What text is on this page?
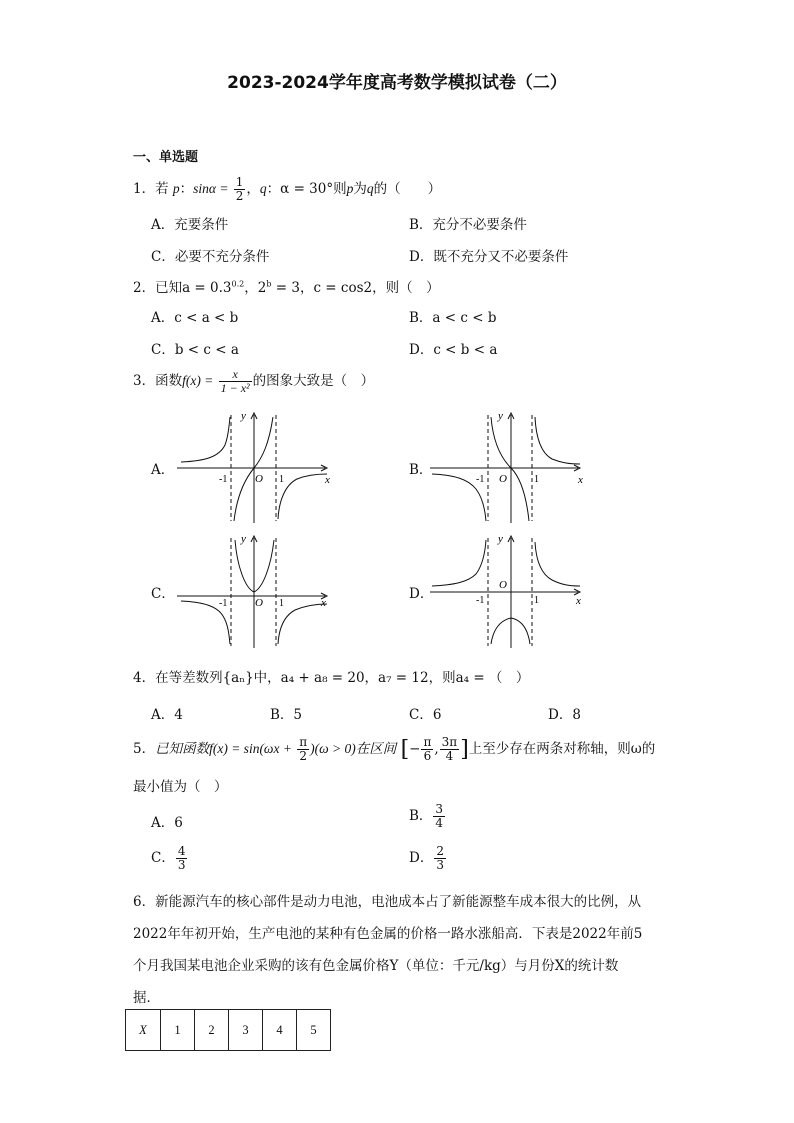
2023-2024学年度高考数学模拟试卷（二）
一、单选题
1．若 p：$\sin\alpha = \frac{1}{2}$ ，q：α = 30°则p为q的（　　）
A．充要条件	B．充分不必要条件
C．必要不充分条件	D．既不充分又不必要条件
2．已知$a = 0.3^{0.2}$，$2^b = 3$，c = cos2，则（　）
A．c < a < b	B．a < c < b
C．b < c < a	D．c < b < a
3．函数$f(x) = \frac{x}{\text{1 − x²}}$ 的图象大致是（　）
A．	B．
C．	D．
y
x
O
-1	1
y
x
O
-1	1
y
x
O
-1	1
y
x
O
-1	1
4．在等差数列{aₙ}中，a₄ + a₈ = 20，a₇ = 12，则a₄ = （　）
A．4	B．5	C．6	D．8
5．已知函数$f(x) = \sin(\omega x + \frac{\pi}{2} )(\omega > 0)$在区间 [− $\frac{\pi}{6}$ , $\frac{3\pi}{4}$ ]上至少存在两条对称轴，则ω的
最小值为（　）
A．6	B． $\frac{3}{4}$
C． $\frac{4}{3}$	D． $\frac{2}{3}$
6．新能源汽车的核心部件是动力电池，电池成本占了新能源整车成本很大的比例，从
2022年年初开始，生产电池的某种有色金属的价格一路水涨船高．下表是2022年前5
个月我国某电池企业采购的该有色金属价格Y（单位：千元/kg）与月份X的统计数
据．
X	1	2	3	4	5
